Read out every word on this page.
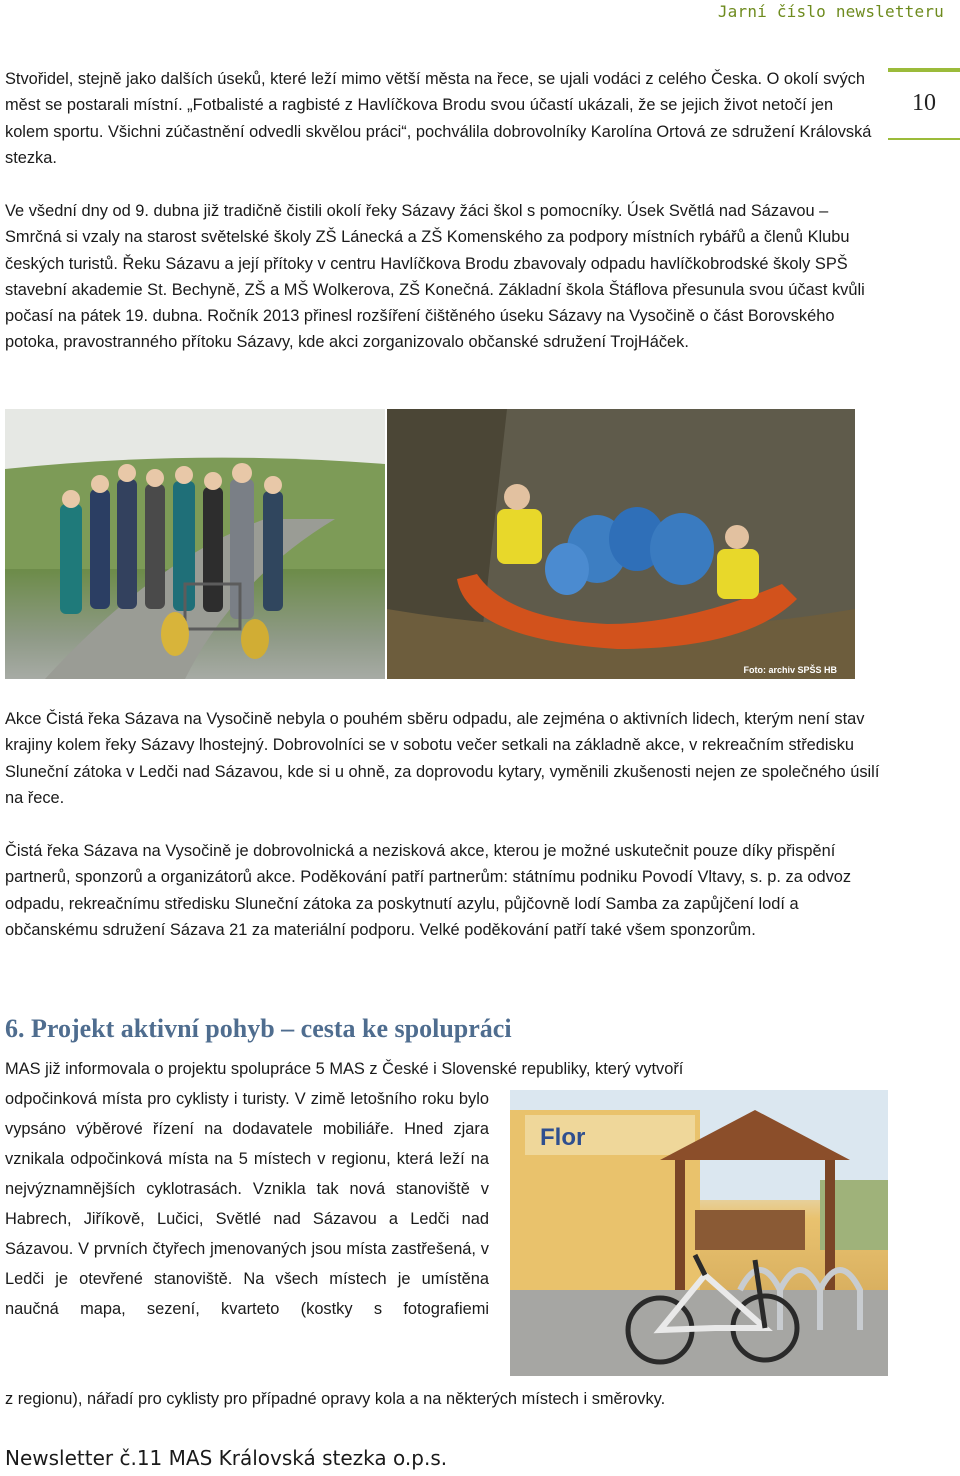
Jarní číslo newsletteru
10

Stvořidel, stejně jako dalších úseků, které leží mimo větší města na řece, se ujali vodáci z celého Česka. O okolí svých měst se postarali místní. „Fotbalisté a ragbisté z Havlíčkova Brodu svou účastí ukázali, že se jejich život netočí jen kolem sportu. Všichni zúčastnění odvedli skvělou práci“, pochválila dobrovolníky Karolína Ortová ze sdružení Královská stezka.

Ve všední dny od 9. dubna již tradičně čistili okolí řeky Sázavy žáci škol s pomocníky. Úsek Světlá nad Sázavou – Smrčná si vzaly na starost světelské školy ZŠ Lánecká a ZŠ Komenského za podpory místních rybářů a členů Klubu českých turistů. Řeku Sázavu a její přítoky v centru Havlíčkova Brodu zbavovaly odpadu havlíčkobrodské školy SPŠ stavební akademie St. Bechyně, ZŠ a MŠ Wolkerova, ZŠ Konečná. Základní škola Štáflova přesunula svou účast kvůli počasí na pátek 19. dubna. Ročník 2013 přinesl rozšíření čištěného úseku Sázavy na Vysočině o část Borovského potoka, pravostranného přítoku Sázavy, kde akci zorganizovalo občanské sdružení TrojHáček.

Foto: archiv SPŠS HB

Akce Čistá řeka Sázava na Vysočině nebyla o pouhém sběru odpadu, ale zejména o aktivních lidech, kterým není stav krajiny kolem řeky Sázavy lhostejný. Dobrovolníci se v sobotu večer setkali na základně akce, v rekreačním středisku Sluneční zátoka v Ledči nad Sázavou, kde si u ohně, za doprovodu kytary, vyměnili zkušenosti nejen ze společného úsilí na řece.

Čistá řeka Sázava na Vysočině je dobrovolnická a nezisková akce, kterou je možné uskutečnit pouze díky přispění partnerů, sponzorů a organizátorů akce. Poděkování patří partnerům: státnímu podniku Povodí Vltavy, s. p. za odvoz odpadu, rekreačnímu středisku Sluneční zátoka za poskytnutí azylu, půjčovně lodí Samba za zapůjčení lodí a občanskému sdružení Sázava 21 za materiální podporu. Velké poděkování patří také všem sponzorům.

6. Projekt aktivní pohyb – cesta ke spolupráci

MAS již informovala o projektu spolupráce 5 MAS z České i Slovenské republiky, který vytvoří

odpočinková místa pro cyklisty i turisty. V zimě letošního roku bylo vypsáno výběrové řízení na dodavatele mobiliáře. Hned zjara vznikala odpočinková místa na 5 místech v regionu, která leží na nejvýznamnějších cyklotrasách. Vznikla tak nová stanoviště v Habrech, Jiříkově, Lučici, Světlé nad Sázavou a Ledči nad Sázavou. V prvních čtyřech jmenovaných jsou místa zastřešená, v Ledči je otevřené stanoviště. Na všech místech je umístěna naučná mapa, sezení, kvarteto (kostky s fotografiemi

Flor

z regionu), nářadí pro cyklisty pro případné opravy kola a na některých místech i směrovky.

Newsletter č.11 MAS Královská stezka o.p.s.
